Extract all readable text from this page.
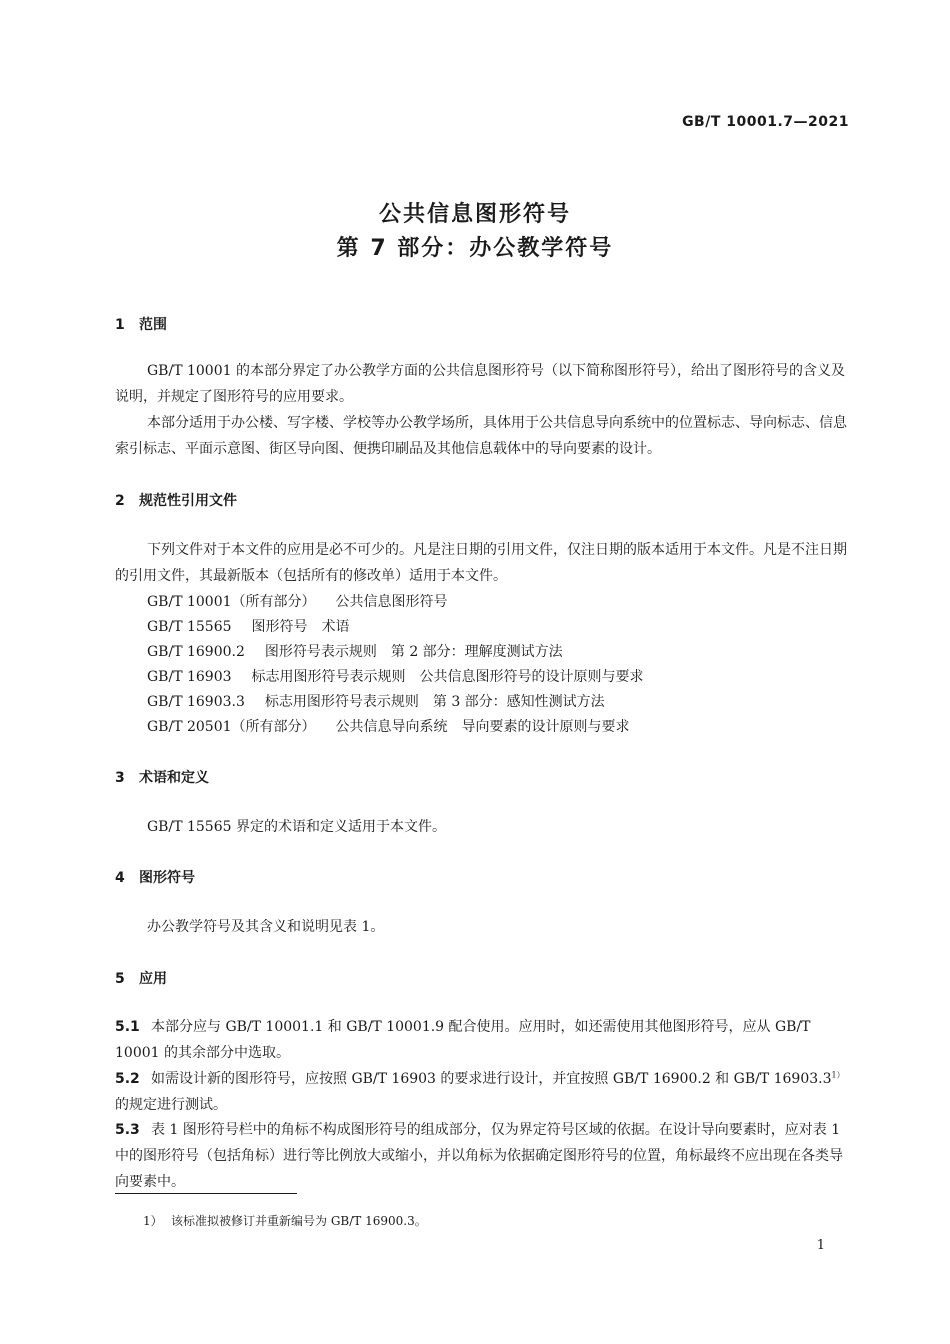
GB/T 10001.7—2021
公共信息图形符号
第 7 部分：办公教学符号
1 范围
GB/T 10001 的本部分界定了办公教学方面的公共信息图形符号（以下简称图形符号），给出了图形符号的含义及说明，并规定了图形符号的应用要求。
本部分适用于办公楼、写字楼、学校等办公教学场所，具体用于公共信息导向系统中的位置标志、导向标志、信息索引标志、平面示意图、街区导向图、便携印刷品及其他信息载体中的导向要素的设计。
2 规范性引用文件
下列文件对于本文件的应用是必不可少的。凡是注日期的引用文件，仅注日期的版本适用于本文件。凡是不注日期的引用文件，其最新版本（包括所有的修改单）适用于本文件。
GB/T 10001（所有部分） 公共信息图形符号
GB/T 15565 图形符号　术语
GB/T 16900.2 图形符号表示规则　第 2 部分：理解度测试方法
GB/T 16903 标志用图形符号表示规则　公共信息图形符号的设计原则与要求
GB/T 16903.3 标志用图形符号表示规则　第 3 部分：感知性测试方法
GB/T 20501（所有部分） 公共信息导向系统　导向要素的设计原则与要求
3 术语和定义
GB/T 15565 界定的术语和定义适用于本文件。
4 图形符号
办公教学符号及其含义和说明见表 1。
5 应用
5.1 本部分应与 GB/T 10001.1 和 GB/T 10001.9 配合使用。应用时，如还需使用其他图形符号，应从 GB/T 10001 的其余部分中选取。
5.2 如需设计新的图形符号，应按照 GB/T 16903 的要求进行设计，并宜按照 GB/T 16900.2 和 GB/T $16903.3^{1)}$的规定进行测试。
5.3 表 1 图形符号栏中的角标不构成图形符号的组成部分，仅为界定符号区域的依据。在设计导向要素时，应对表 1 中的图形符号（包括角标）进行等比例放大或缩小，并以角标为依据确定图形符号的位置，角标最终不应出现在各类导向要素中。
1） 该标准拟被修订并重新编号为 GB/T 16900.3。
1
